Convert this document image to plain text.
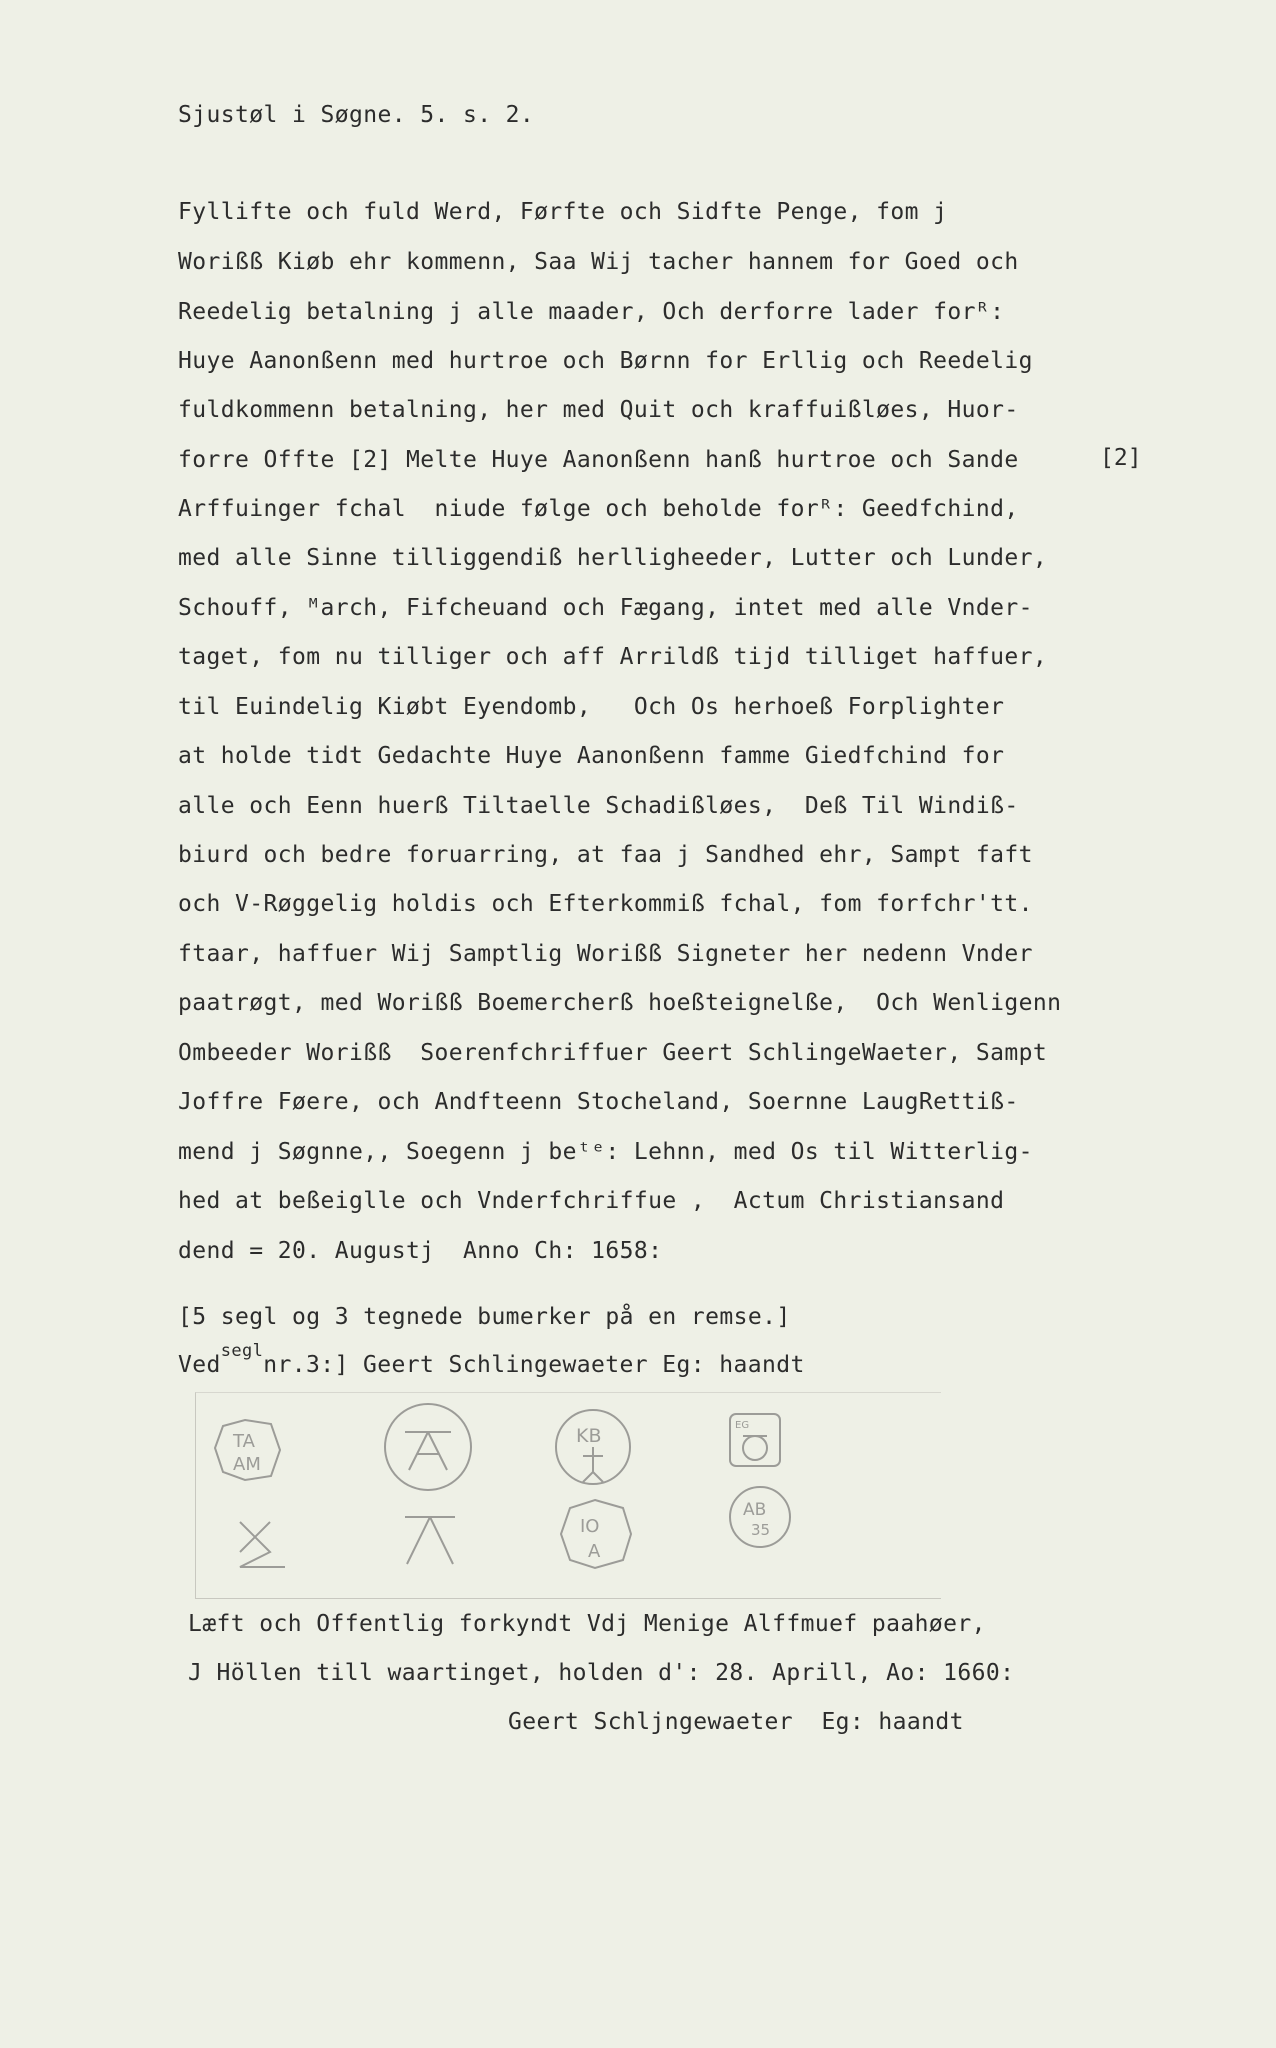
Sjustøl i Søgne. 5. s. 2.
Fyllifte och fuld Werd, Førfte och Sidfte Penge, fom j
Worißß Kiøb ehr kommenn, Saa Wij tacher hannem for Goed och
Reedelig betalning j alle maader, Och derforre lader forᴿ:
Huye Aanonßenn med hurtroe och Børnn for Erllig och Reedelig
fuldkommenn betalning, her med Quit och kraffuißløes, Huor-
forre Offte [2] Melte Huye Aanonßenn hanß hurtroe och Sande
Arffuinger fchal  niude følge och beholde forᴿ: Geedfchind,
med alle Sinne tilliggendiß herlligheeder, Lutter och Lunder,
Schouff, ᴹarch, Fifcheuand och Fægang, intet med alle Vnder-
taget, fom nu tilliger och aff Arrildß tijd tilliget haffuer,
til Euindelig Kiøbt Eyendomb,   Och Os herhoeß Forplighter
at holde tidt Gedachte Huye Aanonßenn famme Giedfchind for
alle och Eenn huerß Tiltaelle Schadißløes,  Deß Til Windiß-
biurd och bedre foruarring, at faa j Sandhed ehr, Sampt faft
och V-Røggelig holdis och Efterkommiß fchal, fom forfchr'tt.
ftaar, haffuer Wij Samptlig Worißß Signeter her nedenn Vnder
paatrøgt, med Worißß Boemercherß hoeßteignelße,  Och Wenligenn
Ombeeder Worißß  Soerenfchriffuer Geert SchlingeWaeter, Sampt
Joffre Føere, och Andfteenn Stocheland, Soernne LaugRettiß-
mend j Søgnne,, Soegenn j beᵗᵉ: Lehnn, med Os til Witterlig-
hed at beßeiglle och Vnderfchriffue ,  Actum Christiansand
dend = 20. Augustj  Anno Ch: 1658:
[2]
[5 segl og 3 tegnede bumerker på en remse.]
Ved$^{segl}$nr.3:] Geert Schlingewaeter Eg: haandt
TA
AM
KB	EG
IO
A
AB
35
Læft och Offentlig forkyndt Vdj Menige Alffmuef paahøer,
J Höllen till waartinget, holden d': 28. Aprill, Ao: 1660:
Geert Schljngewaeter  Eg: haandt
